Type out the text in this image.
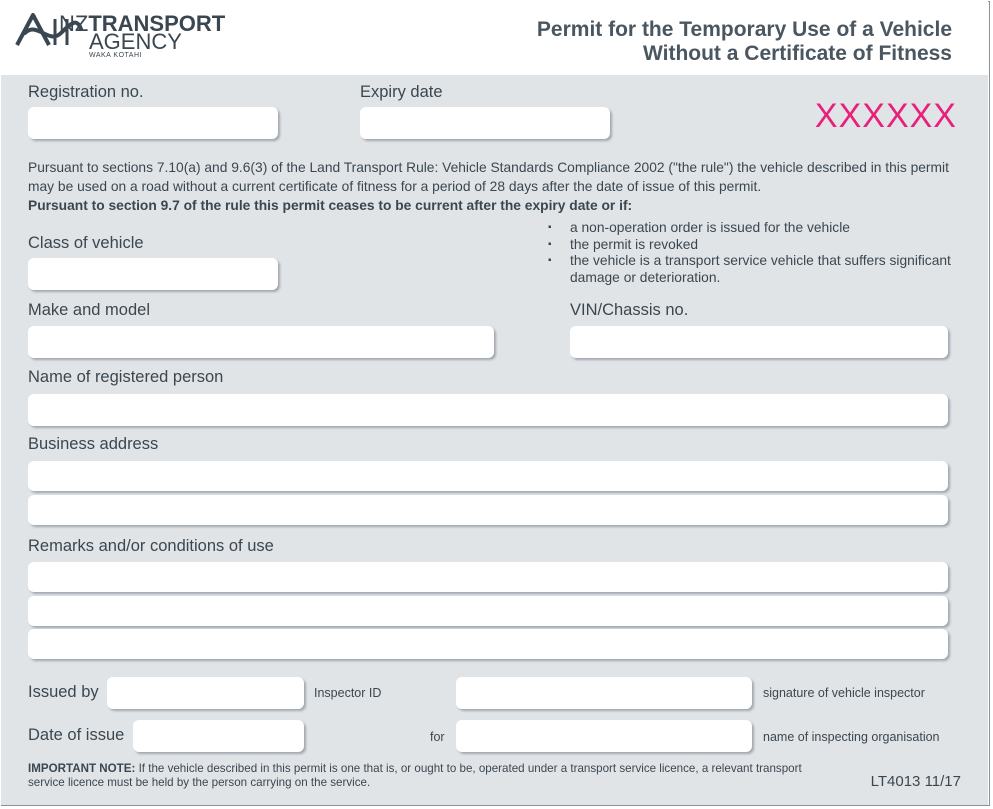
NZTRANSPORT
AGENCY
WAKA KOTAHI
Permit for the Temporary Use of a Vehicle
Without a Certificate of Fitness
Registration no.	Expiry date
XXXXXX
Pursuant to sections 7.10(a) and 9.6(3) of the Land Transport Rule: Vehicle Standards Compliance 2002 ("the rule") the vehicle described in this permit may be used on a road without a current certificate of fitness for a period of 28 days after the date of issue of this permit.
Pursuant to section 9.7 of the rule this permit ceases to be current after the expiry date or if:
Class of vehicle
▪ a non-operation order is issued for the vehicle
▪ the permit is revoked
▪ the vehicle is a transport service vehicle that suffers significant damage or deterioration.
Make and model	VIN/Chassis no.
Name of registered person
Business address
Remarks and/or conditions of use
Issued by	Inspector ID	signature of vehicle inspector
Date of issue	for	name of inspecting organisation
IMPORTANT NOTE: If the vehicle described in this permit is one that is, or ought to be, operated under a transport service licence, a relevant transport service licence must be held by the person carrying on the service.	LT4013 11/17
